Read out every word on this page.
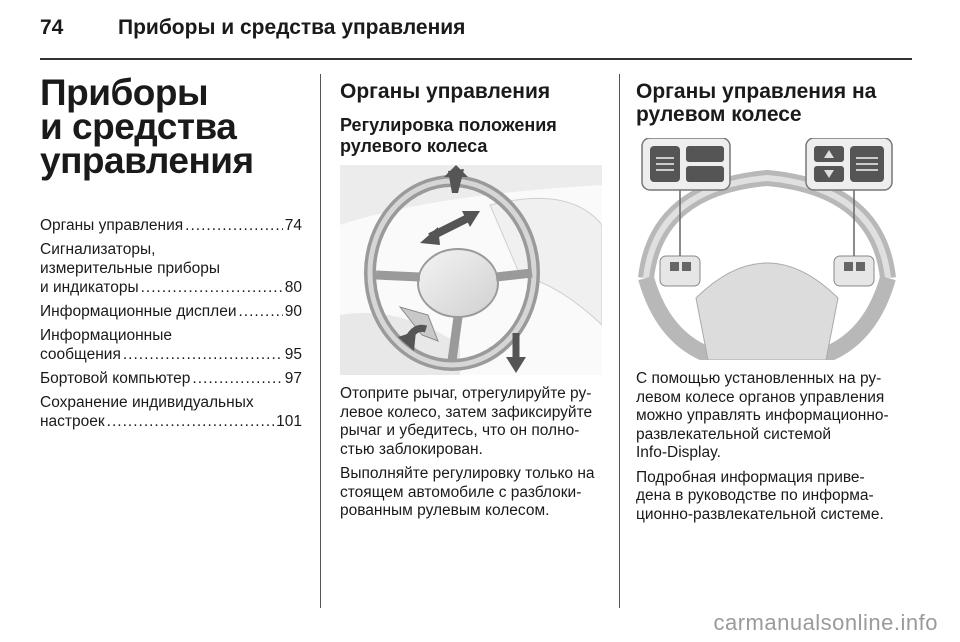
74	Приборы и средства управления
Приборы
и средства
управления
Органы управления .....	74
Сигнализаторы,
измерительные приборы
и индикаторы .....	80
Информационные дисплеи .....	90
Информационные
сообщения .....	95
Бортовой компьютер .....	97
Сохранение индивидуальных
настроек .....	101
Органы управления
Регулировка положения
рулевого колеса

Отоприте рычаг, отрегулируйте ру-
левое колесо, затем зафиксируйте
рычаг и убедитесь, что он полно-
стью заблокирован.

Выполняйте регулировку только на
стоящем автомобиле с разблоки-
рованным рулевым колесом.

Органы управления на
рулевом колесе

С помощью установленных на ру-
левом колесе органов управления
можно управлять информационно-
развлекательной системой
Info-Display.

Подробная информация приве-
дена в руководстве по информа-
ционно-развлекательной системе.

carmanualsonline.info
